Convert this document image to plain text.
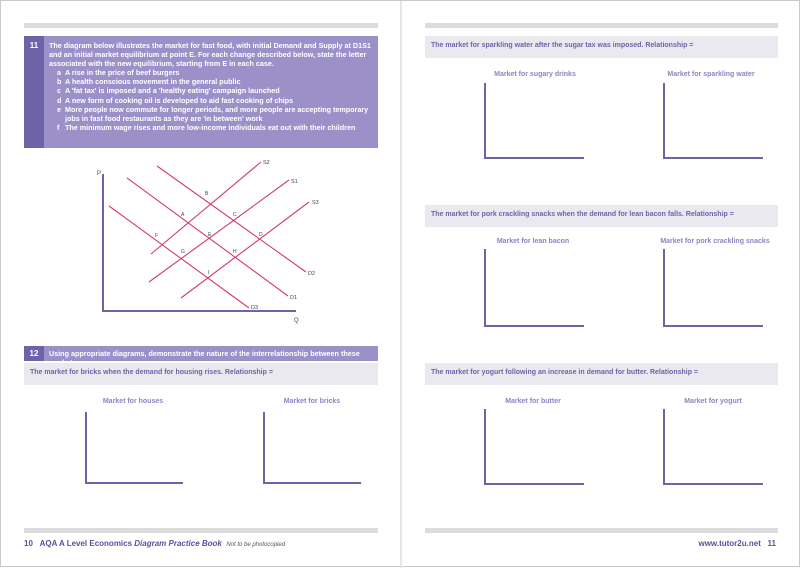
11	The diagram below illustrates the market for fast food, with initial Demand and Supply at D1S1 and an initial market equilibrium at point E. For each change described below, state the letter associated with the new equilibrium, starting from E in each case.
a A rise in the price of beef burgers
b A health conscious movement in the general public
c A 'fat tax' is imposed and a 'healthy eating' campaign launched
d A new form of cooking oil is developed to aid fast cooking of chips
e More people now commute for longer periods, and more people are accepting temporary jobs in fast food restaurants as they are 'in between' work
f The minimum wage rises and more low-income individuals eat out with their children
P
Q
S2
S1
S3
D2
D1
D3
B
A	C
F	E	D
G	H
I
12	Using appropriate diagrams, demonstrate the nature of the interrelationship between these
The market for bricks when the demand for housing rises. Relationship =
Market for houses	Market for bricks
The market for sparkling water after the sugar tax was imposed. Relationship =
Market for sugary drinks	Market for sparkling water
The market for pork crackling snacks when the demand for lean bacon falls. Relationship =
Market for lean bacon	Market for pork crackling snacks
The market for yogurt following an increase in demand for butter. Relationship =
Market for butter	Market for yogurt
10 AQA A Level Economics Diagram Practice Book Not to be photocopied	www.tutor2u.net 11
